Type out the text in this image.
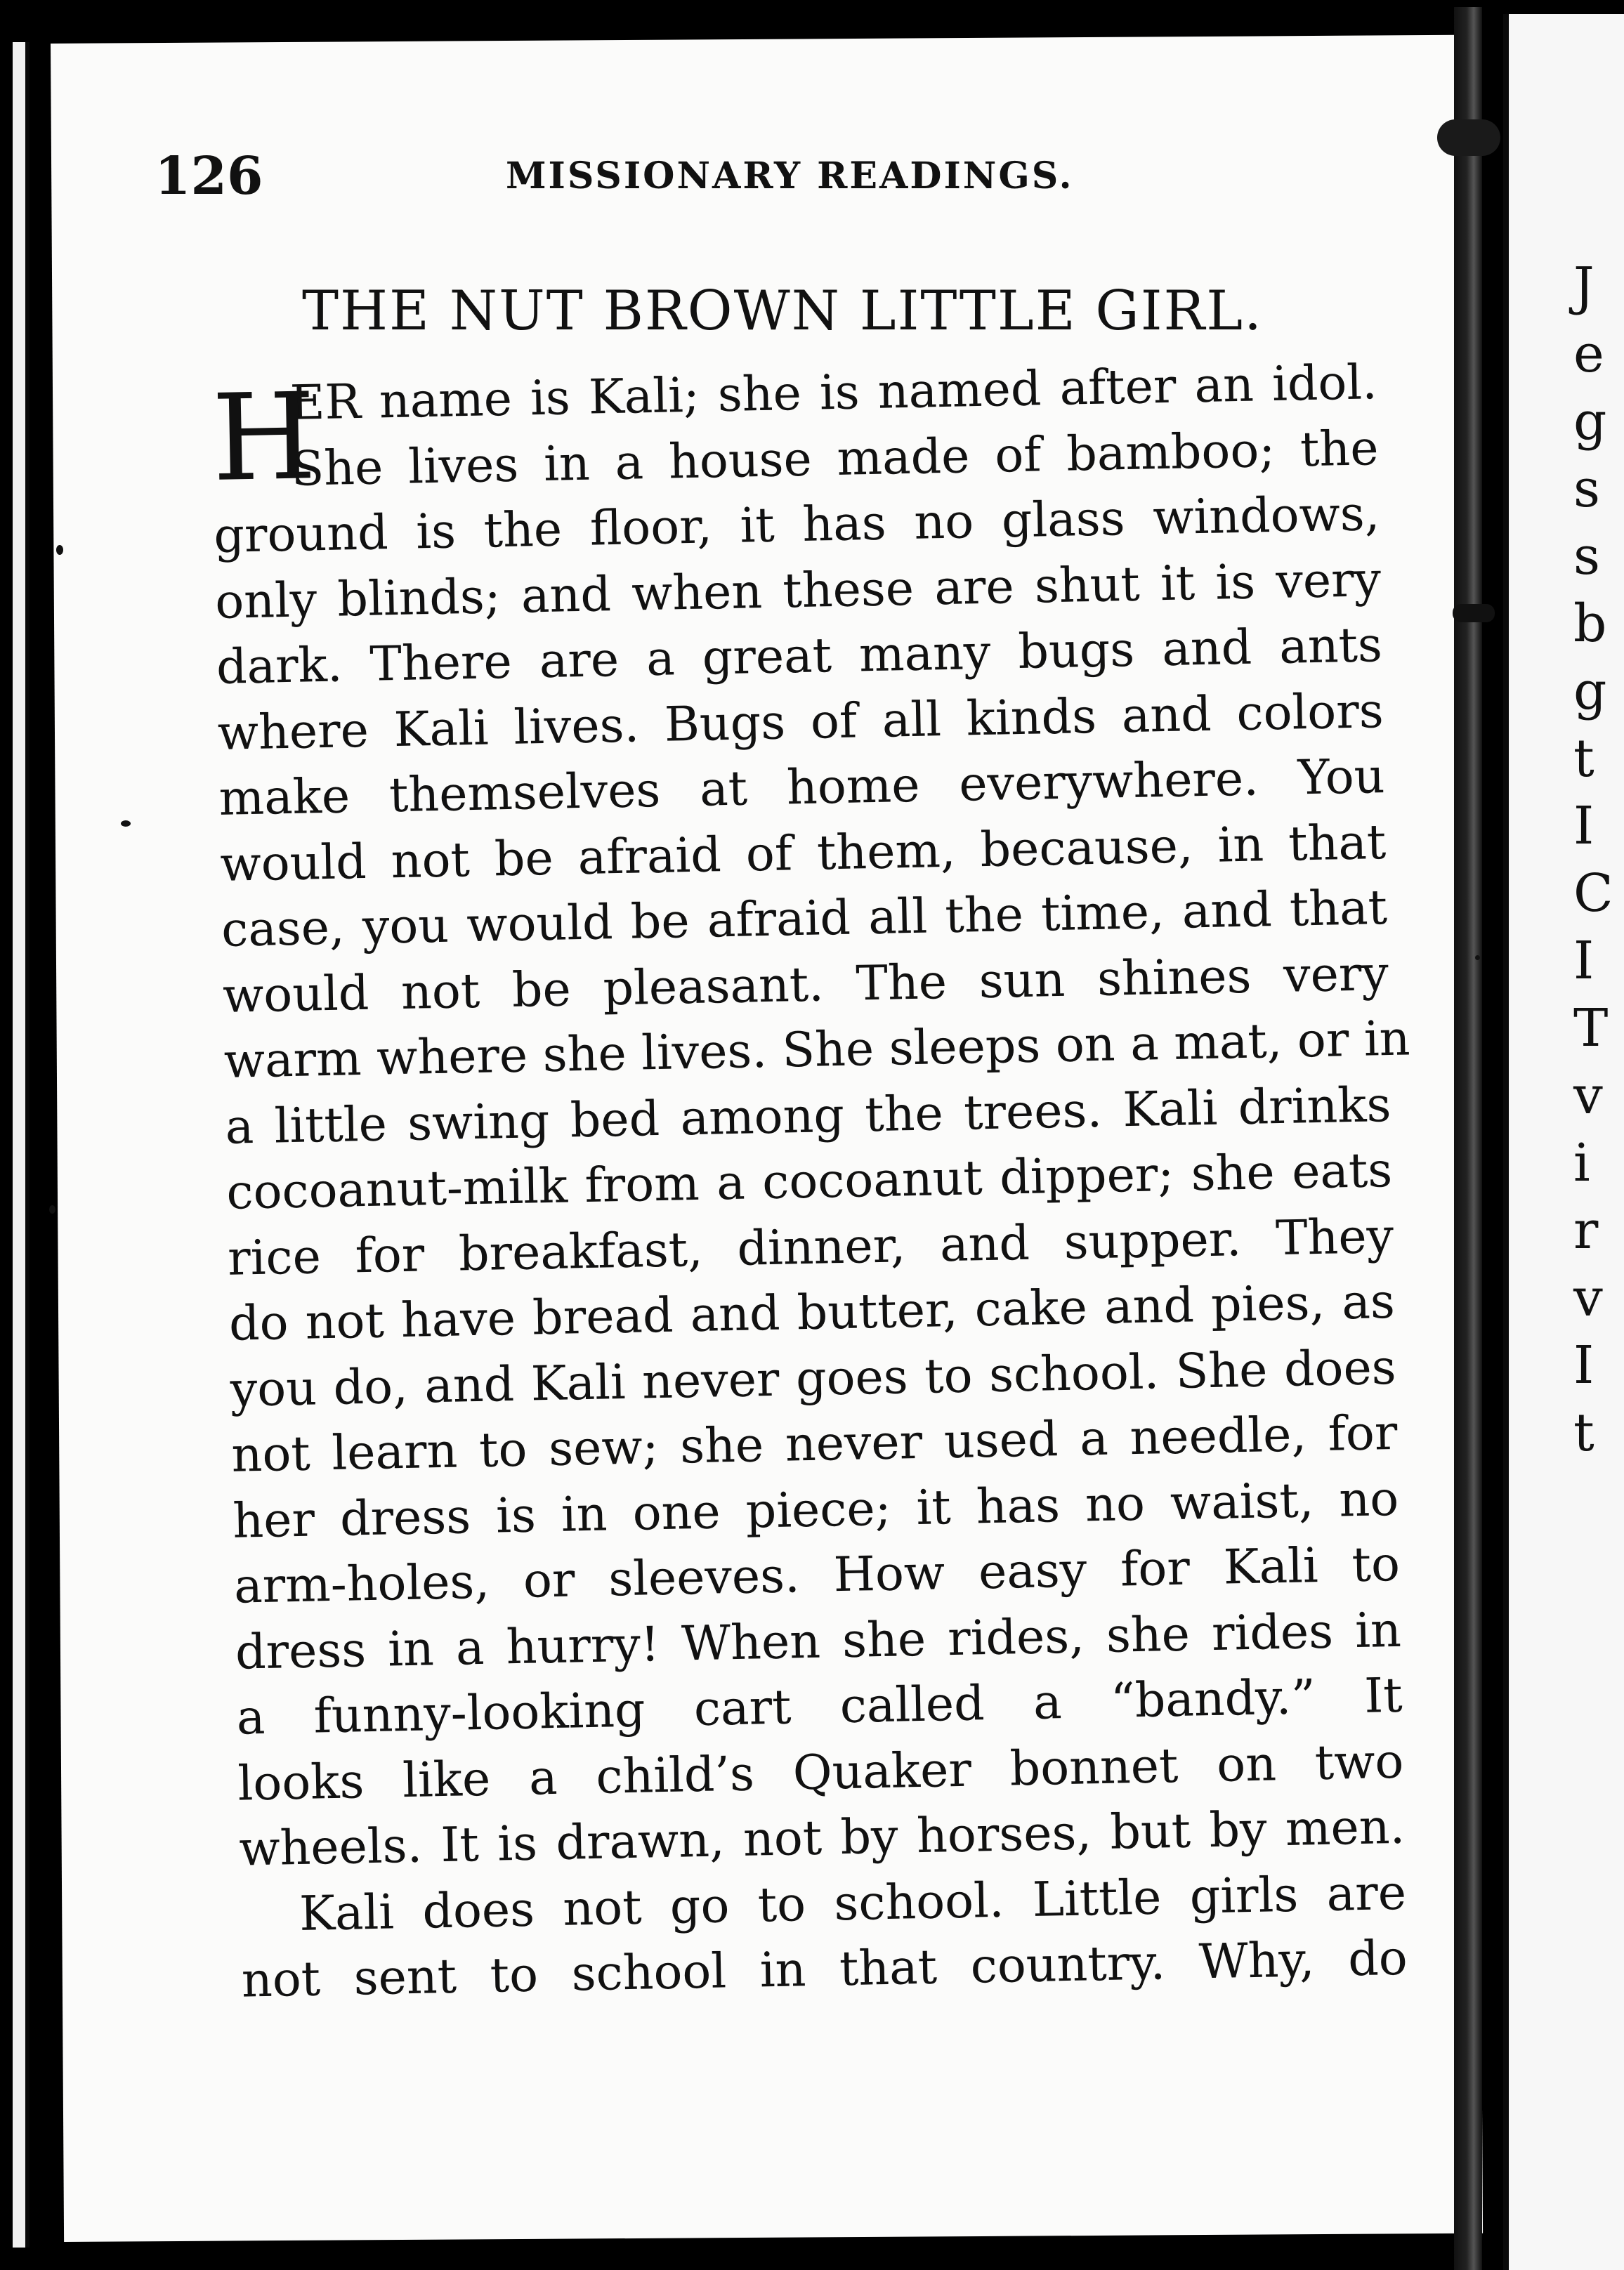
J
e
g
s
s
b
g
t
I
C
I
T
v
i
r
v
I
t
126	MISSIONARY READINGS.
THE NUT BROWN LITTLE GIRL.
H
ER name is Kali; she is named after an idol.
She lives in a house made of bamboo; the
ground is the floor, it has no glass windows,
only blinds; and when these are shut it is very
dark. There are a great many bugs and ants
where Kali lives. Bugs of all kinds and colors
make themselves at home everywhere. You
would not be afraid of them, because, in that
case, you would be afraid all the time, and that
would not be pleasant. The sun shines very
warm where she lives. She sleeps on a mat, or in
a little swing bed among the trees. Kali drinks
cocoanut-milk from a cocoanut dipper; she eats
rice for breakfast, dinner, and supper. They
do not have bread and butter, cake and pies, as
you do, and Kali never goes to school. She does
not learn to sew; she never used a needle, for
her dress is in one piece; it has no waist, no
arm-holes, or sleeves. How easy for Kali to
dress in a hurry! When she rides, she rides in
a funny-looking cart called a “bandy.” It
looks like a child’s Quaker bonnet on two
wheels. It is drawn, not by horses, but by men.
Kali does not go to school. Little girls are
not sent to school in that country. Why, do
